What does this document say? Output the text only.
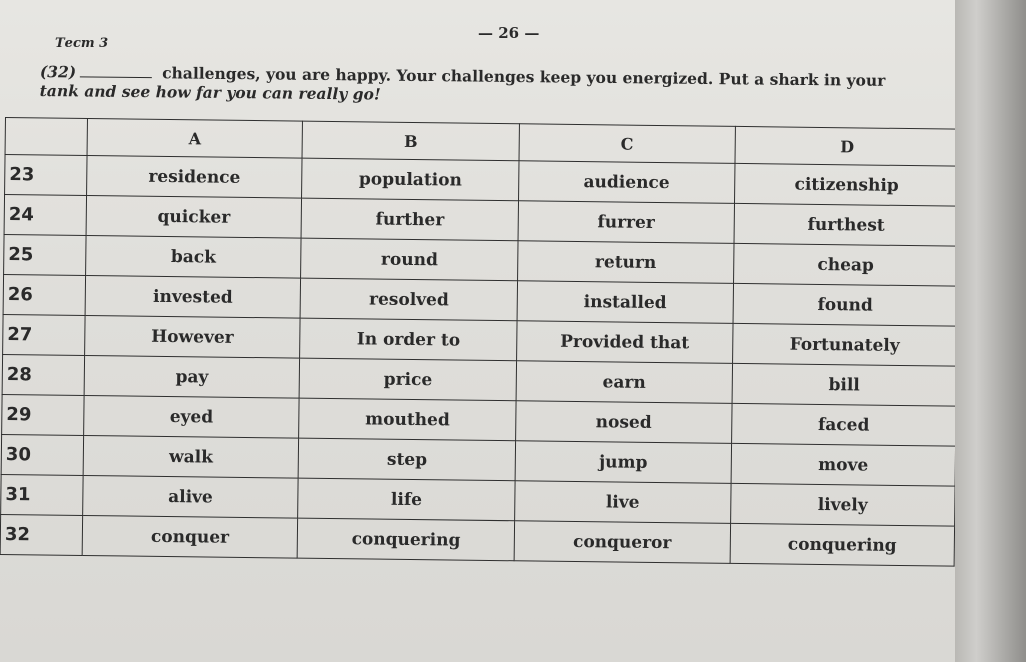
Тест 3
— 26 —
(32)	challenges, you are happy. Your challenges keep you energized. Put a shark in your
tank and see how far you can really go!
	A	B	C	D
23	residence	population	audience	citizenship
24	quicker	further	furrer	furthest
25	back	round	return	cheap
26	invested	resolved	installed	found
27	However	In order to	Provided that	Fortunately
28	pay	price	earn	bill
29	eyed	mouthed	nosed	faced
30	walk	step	jump	move
31	alive	life	live	lively
32	conquer	conquering	conqueror	conquering
